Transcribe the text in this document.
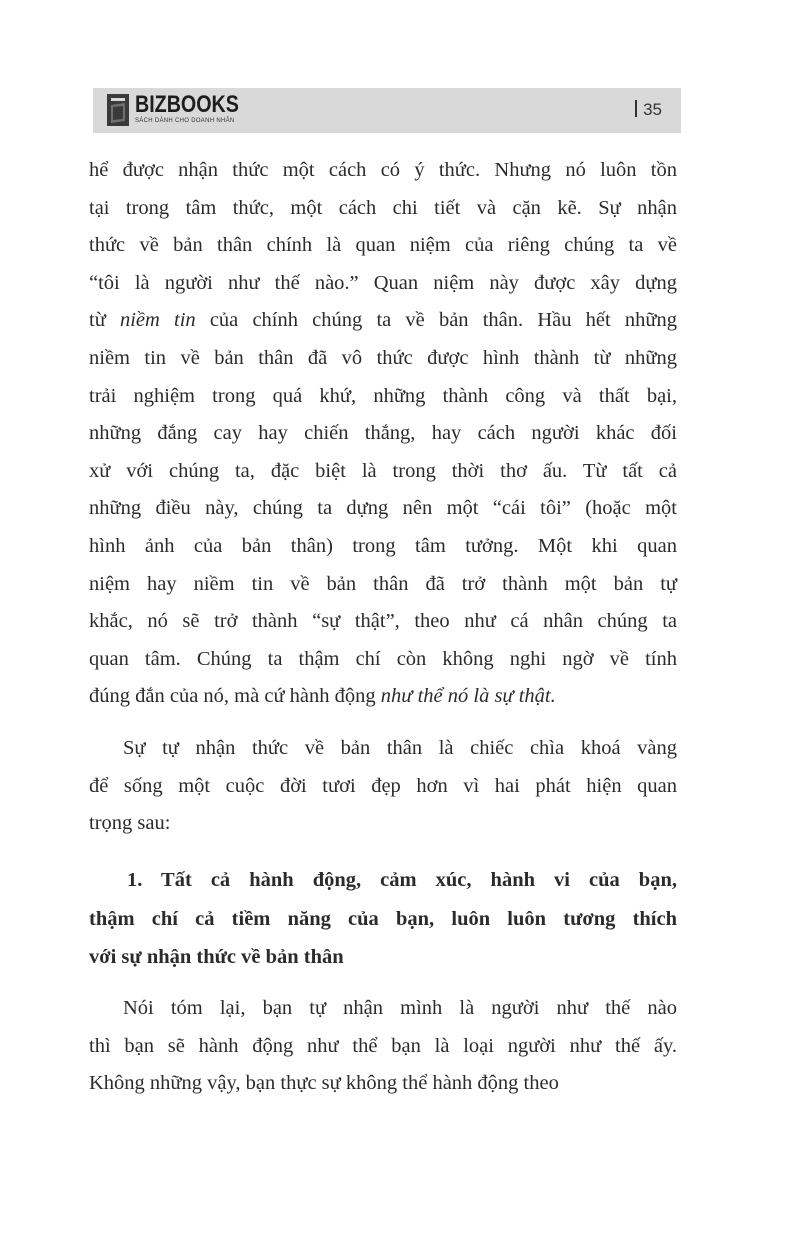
BIZBOOKS
SÁCH DÀNH CHO DOANH NHÂN
35
hể được nhận thức một cách có ý thức. Nhưng nó luôn tồn
tại trong tâm thức, một cách chi tiết và cặn kẽ. Sự nhận
thức về bản thân chính là quan niệm của riêng chúng ta về
“tôi là người như thế nào.” Quan niệm này được xây dựng
từ niềm tin của chính chúng ta về bản thân. Hầu hết những
niềm tin về bản thân đã vô thức được hình thành từ những
trải nghiệm trong quá khứ, những thành công và thất bại,
những đắng cay hay chiến thắng, hay cách người khác đối
xử với chúng ta, đặc biệt là trong thời thơ ấu. Từ tất cả
những điều này, chúng ta dựng nên một “cái tôi” (hoặc một
hình ảnh của bản thân) trong tâm tưởng. Một khi quan
niệm hay niềm tin về bản thân đã trở thành một bản tự
khắc, nó sẽ trở thành “sự thật”, theo như cá nhân chúng ta
quan tâm. Chúng ta thậm chí còn không nghi ngờ về tính
đúng đắn của nó, mà cứ hành động như thể nó là sự thật.
Sự tự nhận thức về bản thân là chiếc chìa khoá vàng
để sống một cuộc đời tươi đẹp hơn vì hai phát hiện quan
trọng sau:
1. Tất cả hành động, cảm xúc, hành vi của bạn,
thậm chí cả tiềm năng của bạn, luôn luôn tương thích
với sự nhận thức về bản thân
Nói tóm lại, bạn tự nhận mình là người như thế nào
thì bạn sẽ hành động như thể bạn là loại người như thế ấy.
Không những vậy, bạn thực sự không thể hành động theo
